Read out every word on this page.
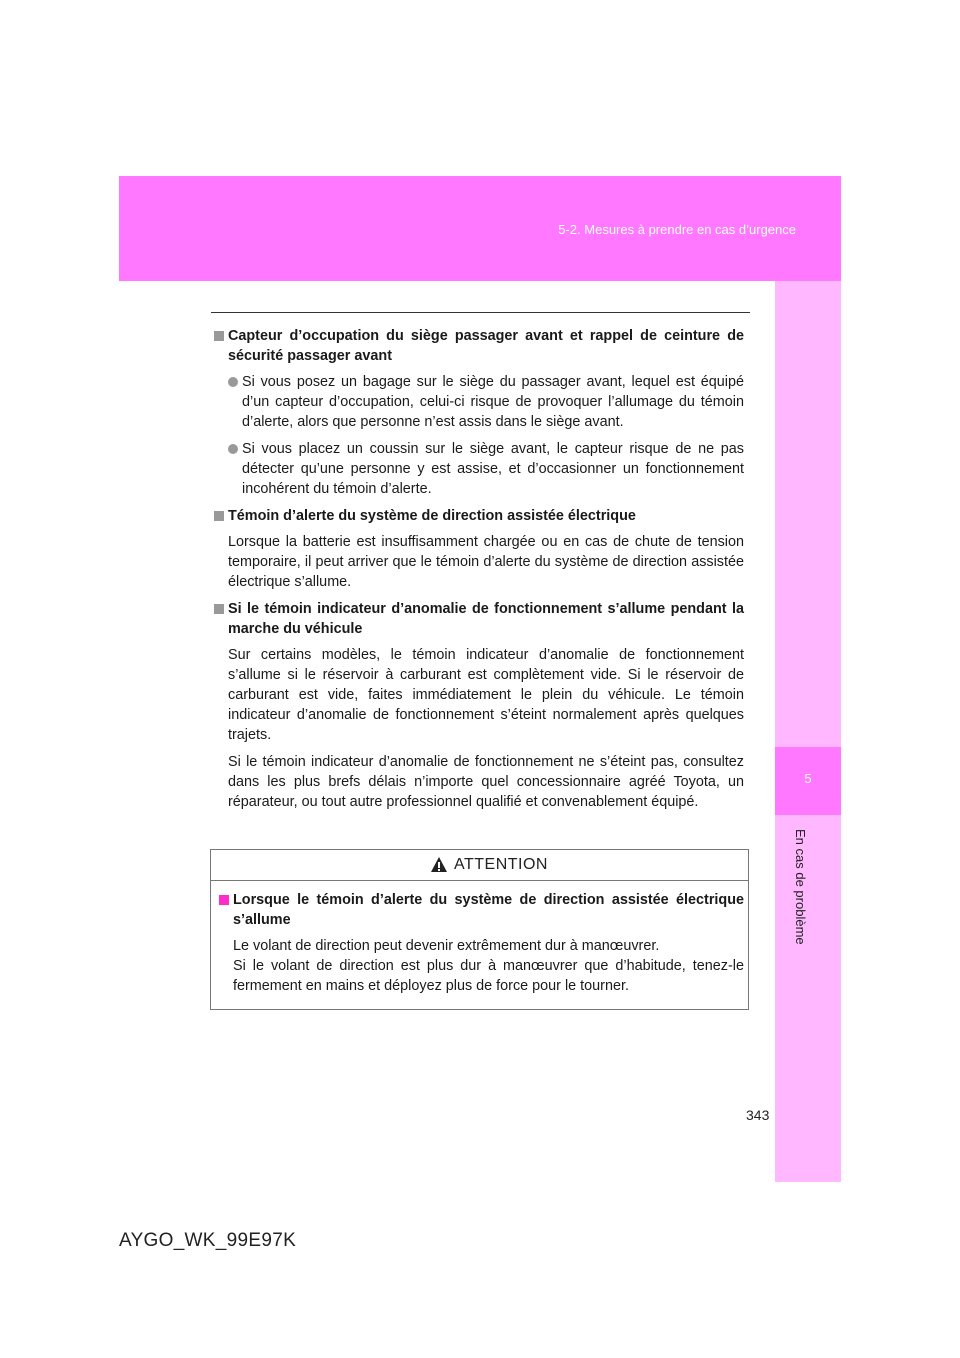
5-2. Mesures à prendre en cas d’urgence
5
En cas de problème
Capteur d’occupation du siège passager avant et rappel de ceinture de sécurité passager avant
Si vous posez un bagage sur le siège du passager avant, lequel est équipé d’un capteur d’occupation, celui-ci risque de provoquer l’allumage du témoin d’alerte, alors que personne n’est assis dans le siège avant.
Si vous placez un coussin sur le siège avant, le capteur risque de ne pas détecter qu’une personne y est assise, et d’occasionner un fonctionnement incohérent du témoin d’alerte.
Témoin d’alerte du système de direction assistée électrique
Lorsque la batterie est insuffisamment chargée ou en cas de chute de tension temporaire, il peut arriver que le témoin d’alerte du système de direction assistée électrique s’allume.
Si le témoin indicateur d’anomalie de fonctionnement s’allume pendant la marche du véhicule
Sur certains modèles, le témoin indicateur d’anomalie de fonctionnement s’allume si le réservoir à carburant est complètement vide. Si le réservoir de carburant est vide, faites immédiatement le plein du véhicule. Le témoin indicateur d’anomalie de fonctionnement s’éteint normalement après quelques trajets.
Si le témoin indicateur d’anomalie de fonctionnement ne s’éteint pas, consultez dans les plus brefs délais n’importe quel concessionnaire agréé Toyota, un réparateur, ou tout autre professionnel qualifié et convenablement équipé.
ATTENTION
Lorsque le témoin d’alerte du système de direction assistée électrique s’allume
Le volant de direction peut devenir extrêmement dur à manœuvrer.
Si le volant de direction est plus dur à manœuvrer que d’habitude, tenez-le fermement en mains et déployez plus de force pour le tourner.
343
AYGO_WK_99E97K
